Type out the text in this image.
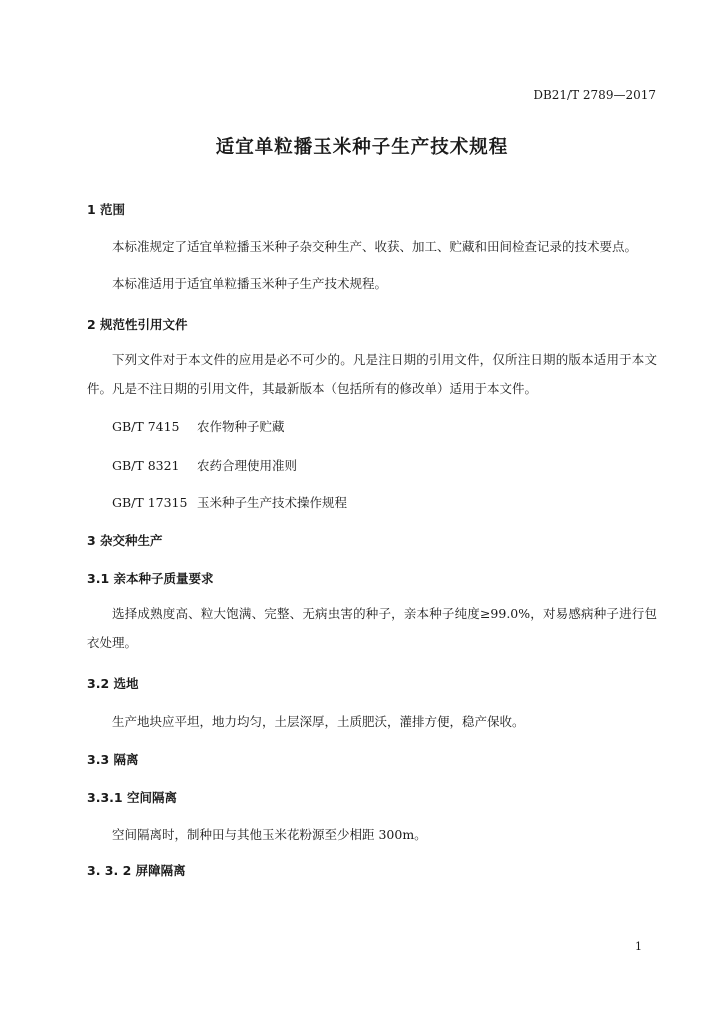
DB21/T 2789—2017
适宜单粒播玉米种子生产技术规程
1 范围
本标准规定了适宜单粒播玉米种子杂交种生产、收获、加工、贮藏和田间检查记录的技术要点。
本标准适用于适宜单粒播玉米种子生产技术规程。
2 规范性引用文件
下列文件对于本文件的应用是必不可少的。凡是注日期的引用文件，仅所注日期的版本适用于本文件。凡是不注日期的引用文件，其最新版本（包括所有的修改单）适用于本文件。
GB/T 7415 农作物种子贮藏
GB/T 8321 农药合理使用准则
GB/T 17315 玉米种子生产技术操作规程
3 杂交种生产
3.1 亲本种子质量要求
选择成熟度高、粒大饱满、完整、无病虫害的种子，亲本种子纯度≥99.0%，对易感病种子进行包衣处理。
3.2 选地
生产地块应平坦，地力均匀，土层深厚，土质肥沃，灌排方便，稳产保收。
3.3 隔离
3.3.1 空间隔离
空间隔离时，制种田与其他玉米花粉源至少相距 300m。
3. 3. 2 屏障隔离
1
